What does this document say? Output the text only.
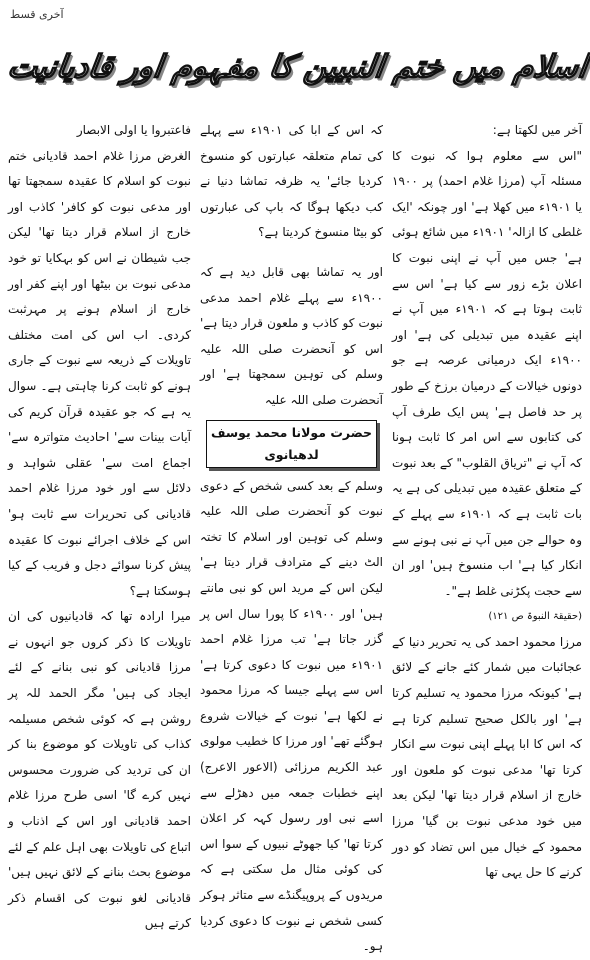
آخری قسط
اسلام میں ختم النبیین کا مفہوم اور قادیانیت

آخر میں لکھتا ہے:

"اس سے معلوم ہوا کہ نبوت کا مسئلہ آپ (مرزا غلام احمد) پر ۱۹۰۰ یا ۱۹۰۱ء میں کھلا ہے' اور چونکہ 'ایک غلطی کا ازالہ' ۱۹۰۱ء میں شائع ہوئی ہے' جس میں آپ نے اپنی نبوت کا اعلان بڑے زور سے کیا ہے' اس سے ثابت ہوتا ہے کہ ۱۹۰۱ء میں آپ نے اپنے عقیدہ میں تبدیلی کی ہے' اور ۱۹۰۰ء ایک درمیانی عرصہ ہے جو دونوں خیالات کے درمیان برزخ کے طور پر حد فاصل ہے' پس ایک طرف آپ کی کتابوں سے اس امر کا ثابت ہونا کہ آپ نے "تریاق القلوب" کے بعد نبوت کے متعلق عقیدہ میں تبدیلی کی ہے یہ بات ثابت ہے کہ ۱۹۰۱ء سے پہلے کے وہ حوالے جن میں آپ نے نبی ہونے سے انکار کیا ہے' اب منسوخ ہیں' اور ان سے حجت پکڑنی غلط ہے"۔

(حقیقۃ النبوۃ ص ۱۲۱)

مرزا محمود احمد کی یہ تحریر دنیا کے عجائبات میں شمار کئے جانے کے لائق ہے' کیونکہ مرزا محمود یہ تسلیم کرتا ہے' اور بالکل صحیح تسلیم کرتا ہے کہ اس کا ابا پہلے اپنی نبوت سے انکار کرتا تھا' مدعی نبوت کو ملعون اور خارج از اسلام قرار دیتا تھا' لیکن بعد میں خود مدعی نبوت بن گیا' مرزا محمود کے خیال میں اس تضاد کو دور کرنے کا حل یہی تھا

کہ اس کے ابا کی ۱۹۰۱ء سے پہلے کی تمام متعلقہ عبارتوں کو منسوخ کردیا جائے' یہ ظرفہ تماشا دنیا نے کب دیکھا ہوگا کہ باپ کی عبارتوں کو بیٹا منسوخ کردیتا ہے؟

اور یہ تماشا بھی قابل دید ہے کہ ۱۹۰۰ء سے پہلے غلام احمد مدعی نبوت کو کاذب و ملعون قرار دیتا ہے' اس کو آنحضرت صلی اللہ علیہ وسلم کی توہین سمجھتا ہے' اور آنحضرت صلی اللہ علیہ

حضرت مولانا محمد یوسف لدھیانوی

وسلم کے بعد کسی شخص کے دعوی نبوت کو آنحضرت صلی اللہ علیہ وسلم کی توہین اور اسلام کا تختہ الٹ دینے کے مترادف قرار دیتا ہے' لیکن اس کے مرید اس کو نبی مانتے ہیں' اور ۱۹۰۰ء کا پورا سال اس پر گزر جاتا ہے' تب مرزا غلام احمد ۱۹۰۱ء میں نبوت کا دعوی کرتا ہے' اس سے پہلے جیسا کہ مرزا محمود نے لکھا ہے' نبوت کے خیالات شروع ہوگئے تھے' اور مرزا کا خطیب مولوی عبد الکریم مرزائی (الاعور الاعرج) اپنے خطبات جمعہ میں دھڑلے سے اسے نبی اور رسول کہہ کر اعلان کرتا تھا' کیا جھوٹے نبیوں کے سوا اس کی کوئی مثال مل سکتی ہے کہ مریدوں کے پروپیگنڈے سے متاثر ہوکر کسی شخص نے نبوت کا دعوی کردیا ہو۔

فاعتبروا یا اولی الابصار

الغرض مرزا غلام احمد قادیانی ختم نبوت کو اسلام کا عقیدہ سمجھتا تھا اور مدعی نبوت کو کافر' کاذب اور خارج از اسلام قرار دیتا تھا' لیکن جب شیطان نے اس کو بہکایا تو خود مدعی نبوت بن بیٹھا اور اپنے کفر اور خارج از اسلام ہونے پر مہرثبت کردی۔ اب اس کی امت مختلف تاویلات کے ذریعہ سے نبوت کے جاری ہونے کو ثابت کرنا چاہتی ہے۔ سوال یہ ہے کہ جو عقیدہ قرآن کریم کی آیات بینات سے' احادیث متواترہ سے' اجماع امت سے' عقلی شواہد و دلائل سے اور خود مرزا غلام احمد قادیانی کی تحریرات سے ثابت ہو' اس کے خلاف اجرائے نبوت کا عقیدہ پیش کرنا سوائے دجل و فریب کے کیا ہوسکتا ہے؟

میرا ارادہ تھا کہ قادیانیوں کی ان تاویلات کا ذکر کروں جو انہوں نے مرزا قادیانی کو نبی بنانے کے لئے ایجاد کی ہیں' مگر الحمد للہ پر روشن ہے کہ کوئی شخص مسیلمہ کذاب کی تاویلات کو موضوع بنا کر ان کی تردید کی ضرورت محسوس نہیں کرے گا' اسی طرح مرزا غلام احمد قادیانی اور اس کے اذناب و اتباع کی تاویلات بھی اہل علم کے لئے موضوع بحث بنانے کے لائق نہیں ہیں' قادیانی لغو نبوت کی اقسام ذکر کرتے ہیں
